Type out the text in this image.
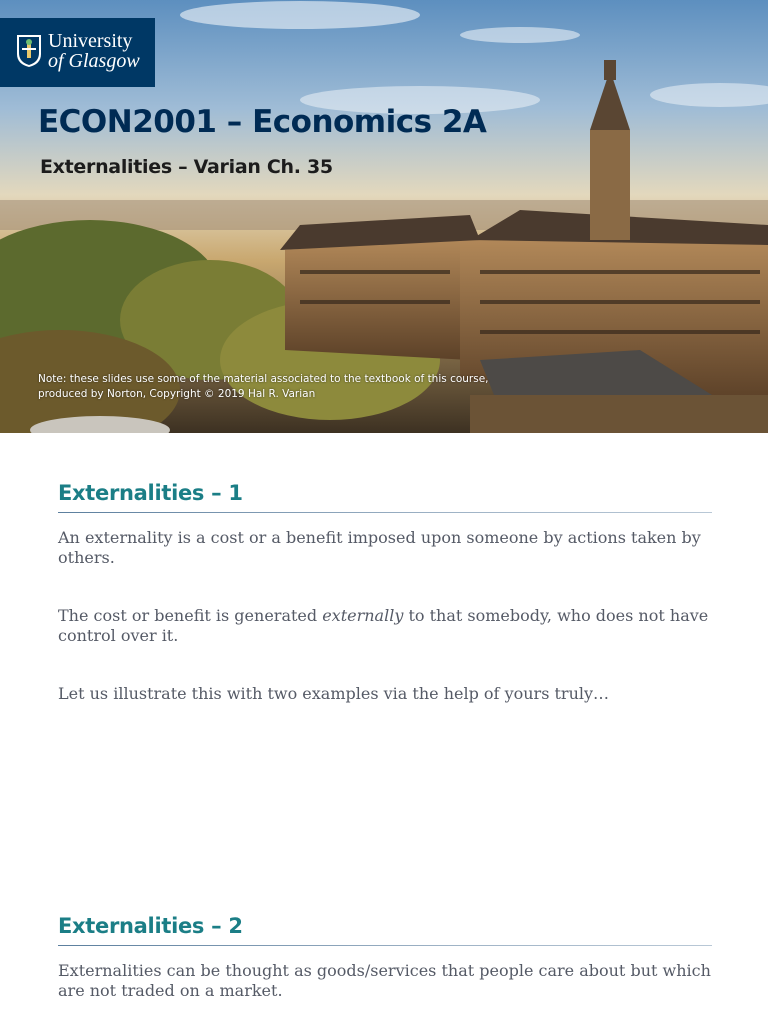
University
of Glasgow
ECON2001 – Economics 2A
Externalities – Varian Ch. 35
Note: these slides use some of the material associated to the textbook of this course,
produced by Norton, Copyright © 2019 Hal R. Varian
Externalities – 1

An externality is a cost or a benefit imposed upon someone by actions taken by others.

The cost or benefit is generated externally to that somebody, who does not have control over it.

Let us illustrate this with two examples via the help of yours truly…

Externalities – 2

Externalities can be thought as goods/services that people care about but which are not traded on a market.
